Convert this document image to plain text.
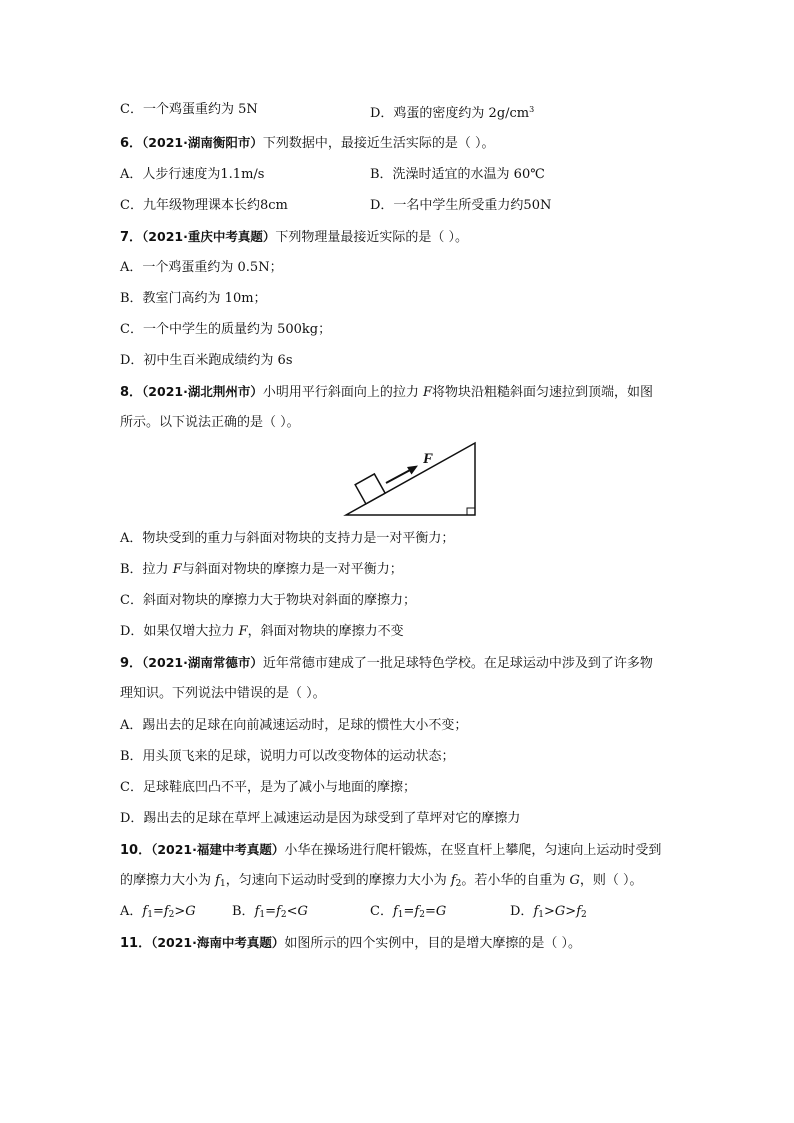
C．一个鸡蛋重约为 5N	D．鸡蛋的密度约为 $2g/cm^3$
6．（2021·湖南衡阳市）下列数据中，最接近生活实际的是（ ）。
A．人步行速度为1.1m/s	B．洗澡时适宜的水温为 60℃
C．九年级物理课本长约8cm	D．一名中学生所受重力约50N
7．（2021·重庆中考真题）下列物理量最接近实际的是（ ）。
A．一个鸡蛋重约为 0.5N；
B．教室门高约为 10m；
C．一个中学生的质量约为 500kg；
D．初中生百米跑成绩约为 6s
8．（2021·湖北荆州市）小明用平行斜面向上的拉力 F将物块沿粗糙斜面匀速拉到顶端，如图
所示。以下说法正确的是（ ）。
F
A．物块受到的重力与斜面对物块的支持力是一对平衡力；
B．拉力 F与斜面对物块的摩擦力是一对平衡力；
C．斜面对物块的摩擦力大于物块对斜面的摩擦力；
D．如果仅增大拉力 F，斜面对物块的摩擦力不变
9．（2021·湖南常德市）近年常德市建成了一批足球特色学校。在足球运动中涉及到了许多物
理知识。下列说法中错误的是（ ）。
A．踢出去的足球在向前减速运动时，足球的惯性大小不变；
B．用头顶飞来的足球，说明力可以改变物体的运动状态；
C．足球鞋底凹凸不平，是为了减小与地面的摩擦；
D．踢出去的足球在草坪上减速运动是因为球受到了草坪对它的摩擦力
10．（2021·福建中考真题）小华在操场进行爬杆锻炼，在竖直杆上攀爬，匀速向上运动时受到
的摩擦力大小为 $f_1$，匀速向下运动时受到的摩擦力大小为 $f_2$。若小华的自重为 G，则（ ）。
A．$f_1=f_2>G$	B．$f_1=f_2<G$	C．$f_1=f_2=G$	D．$f_1>G>f_2$
11．（2021·海南中考真题）如图所示的四个实例中，目的是增大摩擦的是（ ）。
